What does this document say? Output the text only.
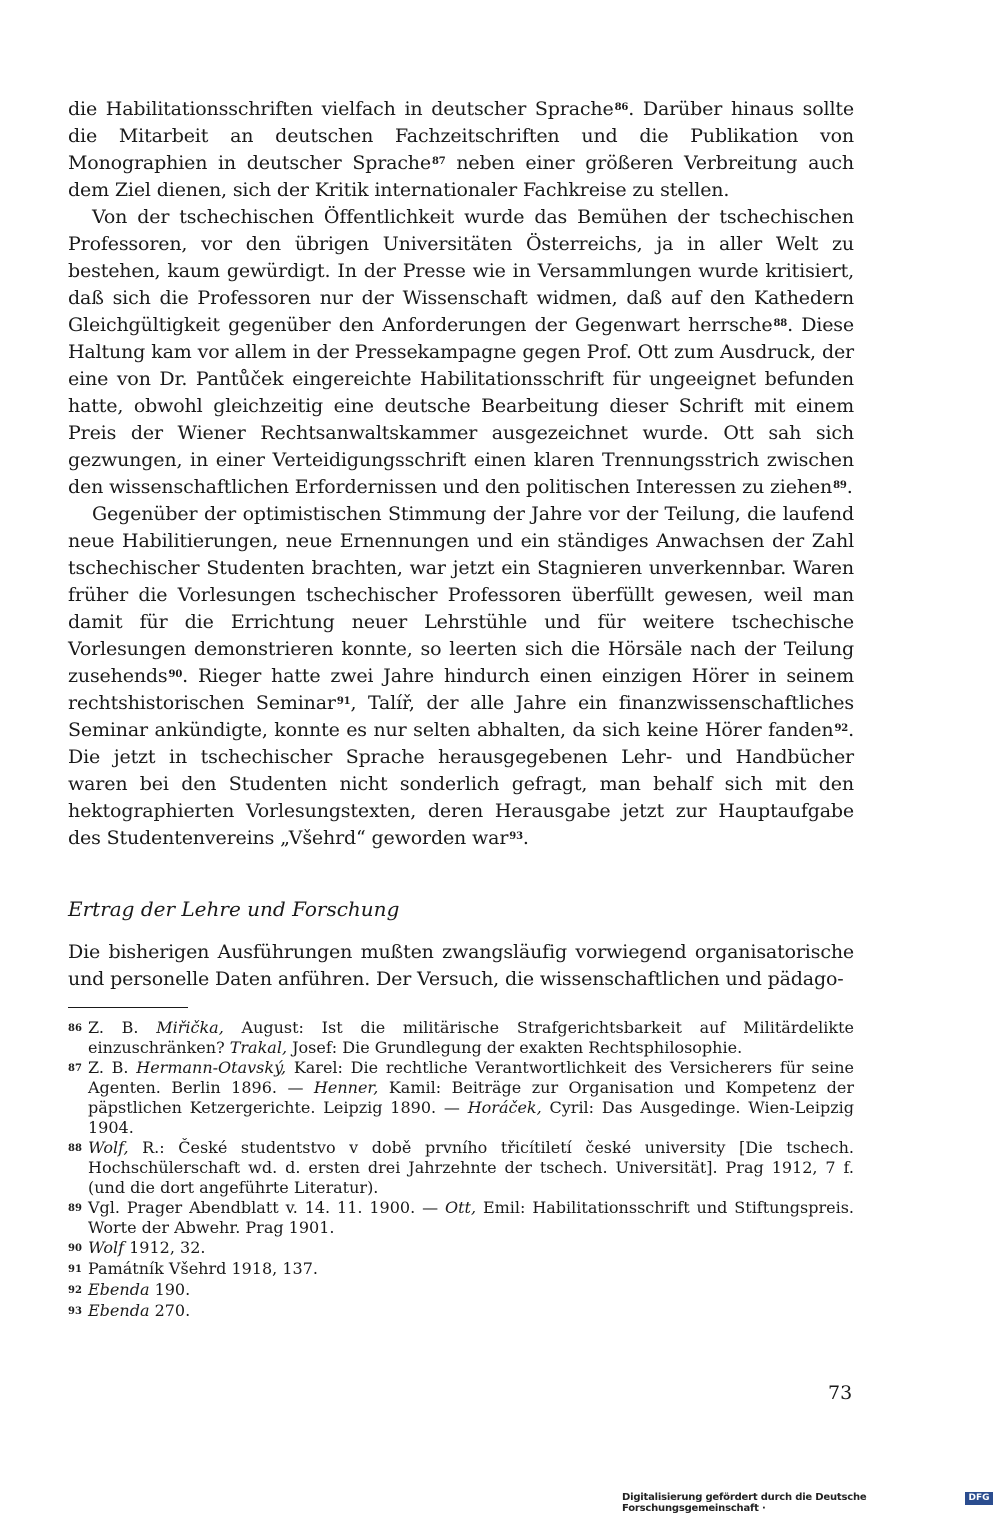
die Habilitationsschriften vielfach in deutscher Sprache$^{86}$. Darüber hinaus sollte die Mitarbeit an deutschen Fachzeitschriften und die Publikation von Monographien in deutscher Sprache$^{87}$ neben einer größeren Verbreitung auch dem Ziel dienen, sich der Kritik internationaler Fachkreise zu stellen.

Von der tschechischen Öffentlichkeit wurde das Bemühen der tschechischen Professoren, vor den übrigen Universitäten Österreichs, ja in aller Welt zu bestehen, kaum gewürdigt. In der Presse wie in Versammlungen wurde kritisiert, daß sich die Professoren nur der Wissenschaft widmen, daß auf den Kathedern Gleichgültigkeit gegenüber den Anforderungen der Gegenwart herrsche$^{88}$. Diese Haltung kam vor allem in der Pressekampagne gegen Prof. Ott zum Ausdruck, der eine von Dr. Pantůček eingereichte Habilitationsschrift für ungeeignet befunden hatte, obwohl gleichzeitig eine deutsche Bearbeitung dieser Schrift mit einem Preis der Wiener Rechtsanwaltskammer ausgezeichnet wurde. Ott sah sich gezwungen, in einer Verteidigungsschrift einen klaren Trennungsstrich zwischen den wissenschaftlichen Erfordernissen und den politischen Interessen zu ziehen$^{89}$.

Gegenüber der optimistischen Stimmung der Jahre vor der Teilung, die laufend neue Habilitierungen, neue Ernennungen und ein ständiges Anwachsen der Zahl tschechischer Studenten brachten, war jetzt ein Stagnieren unverkennbar. Waren früher die Vorlesungen tschechischer Professoren überfüllt gewesen, weil man damit für die Errichtung neuer Lehrstühle und für weitere tschechische Vorlesungen demonstrieren konnte, so leerten sich die Hörsäle nach der Teilung zusehends$^{90}$. Rieger hatte zwei Jahre hindurch einen einzigen Hörer in seinem rechtshistorischen Seminar$^{91}$, Talíř, der alle Jahre ein finanzwissenschaftliches Seminar ankündigte, konnte es nur selten abhalten, da sich keine Hörer fanden$^{92}$. Die jetzt in tschechischer Sprache herausgegebenen Lehr- und Handbücher waren bei den Studenten nicht sonderlich gefragt, man behalf sich mit den hektographierten Vorlesungstexten, deren Herausgabe jetzt zur Hauptaufgabe des Studentenvereins „Všehrd“ geworden war$^{93}$.

Ertrag der Lehre und Forschung

Die bisherigen Ausführungen mußten zwangsläufig vorwiegend organisatorische und personelle Daten anführen. Der Versuch, die wissenschaftlichen und pädago-

86 Z. B. Miřička, August: Ist die militärische Strafgerichtsbarkeit auf Militärdelikte einzuschränken? Trakal, Josef: Die Grundlegung der exakten Rechtsphilosophie.
87 Z. B. Hermann-Otavský, Karel: Die rechtliche Verantwortlichkeit des Versicherers für seine Agenten. Berlin 1896. — Henner, Kamil: Beiträge zur Organisation und Kompetenz der päpstlichen Ketzergerichte. Leipzig 1890. — Horáček, Cyril: Das Ausgedinge. Wien-Leipzig 1904.
88 Wolf, R.: České studentstvo v době prvního třicítiletí české university [Die tschech. Hochschülerschaft wd. d. ersten drei Jahrzehnte der tschech. Universität]. Prag 1912, 7 f. (und die dort angeführte Literatur).
89 Vgl. Prager Abendblatt v. 14. 11. 1900. — Ott, Emil: Habilitationsschrift und Stiftungspreis. Worte der Abwehr. Prag 1901.
90 Wolf 1912, 32.
91 Památník Všehrd 1918, 137.
92 Ebenda 190.
93 Ebenda 270.
73
Digitalisierung gefördert durch die Deutsche Forschungsgemeinschaft ·
DFG
